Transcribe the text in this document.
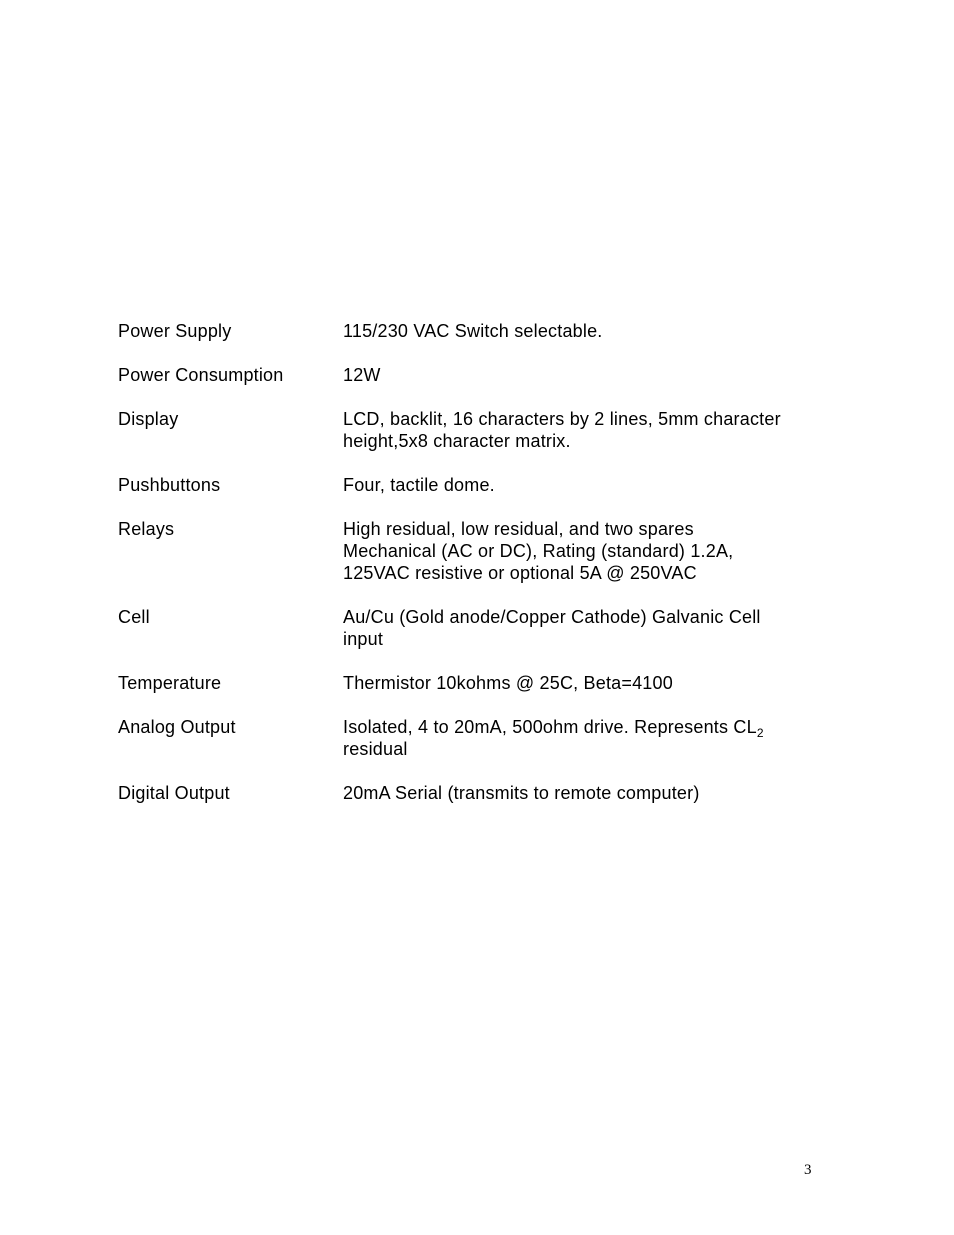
Power Supply	115/230 VAC Switch selectable.
Power Consumption	12W
Display	LCD, backlit, 16 characters by 2 lines, 5mm character
height,5x8 character matrix.
Pushbuttons	Four, tactile dome.
Relays	High residual, low residual, and two spares
Mechanical (AC or DC), Rating (standard) 1.2A,
125VAC resistive or optional 5A @ 250VAC
Cell	Au/Cu (Gold anode/Copper Cathode) Galvanic Cell
input
Temperature	Thermistor 10kohms @ 25C, Beta=4100
Analog Output	Isolated, 4 to 20mA, 500ohm drive. Represents $CL_2$
residual
Digital Output	20mA Serial (transmits to remote computer)
3
